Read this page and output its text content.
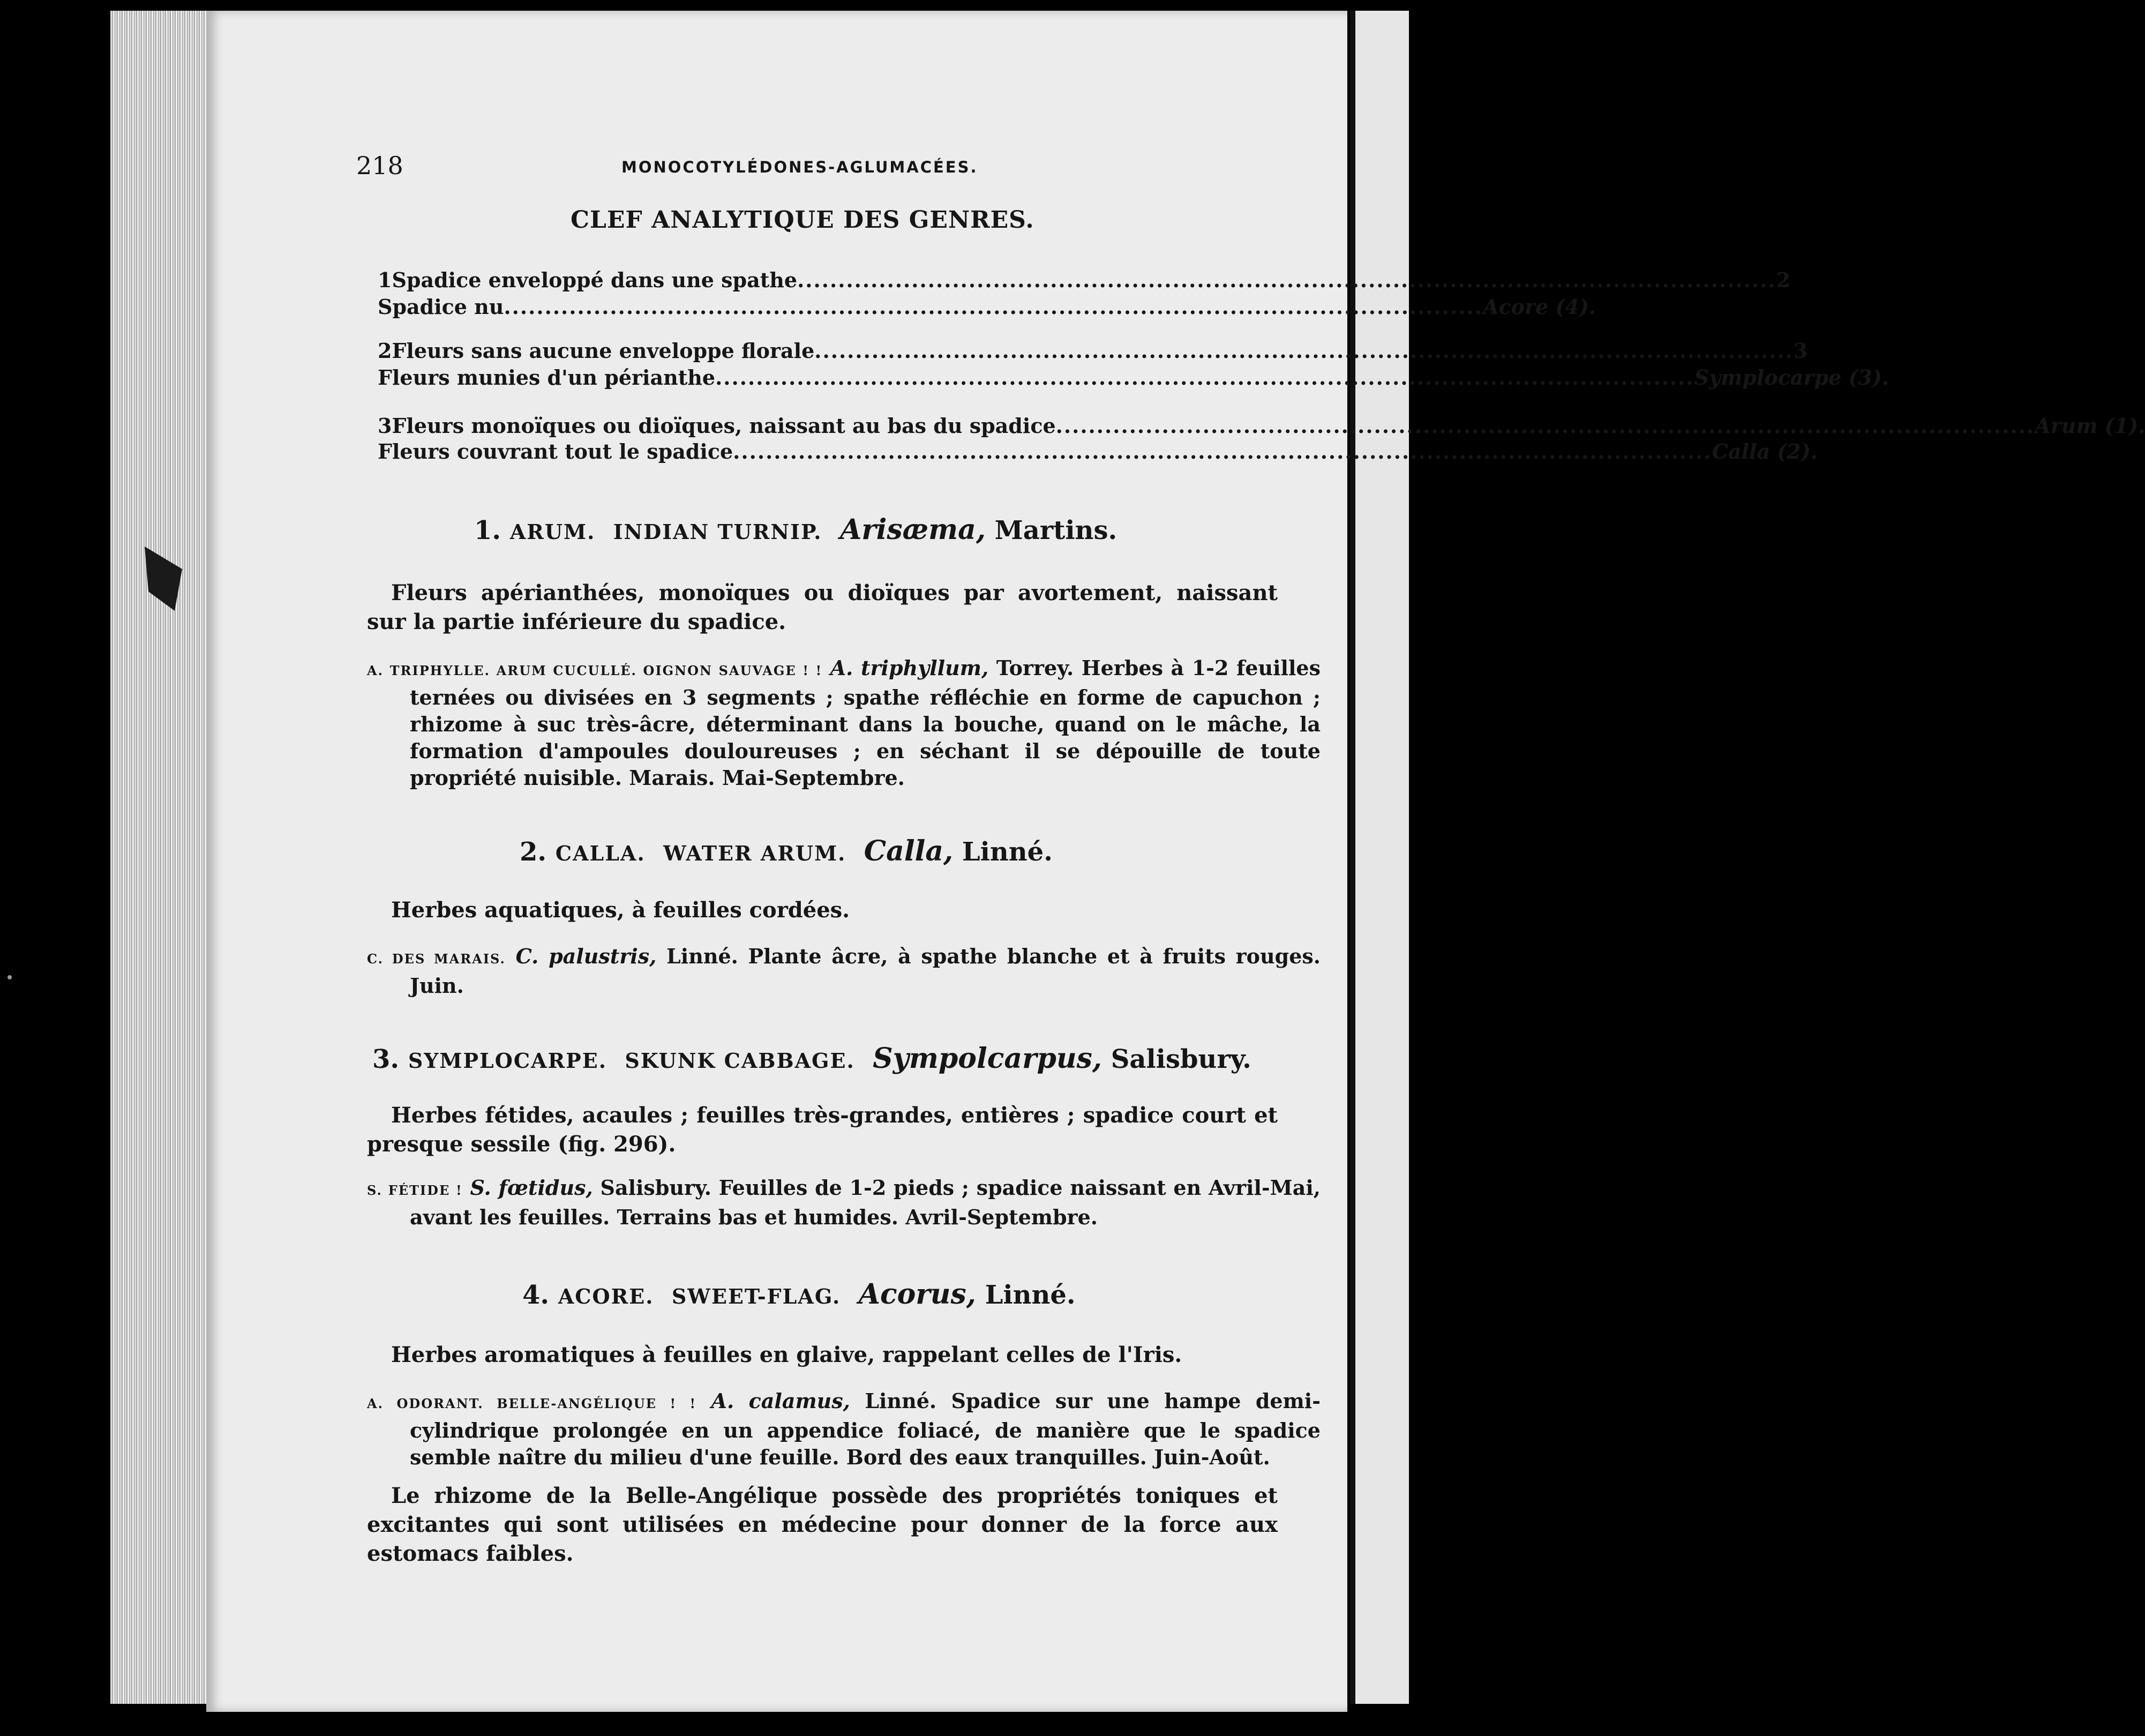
218	MONOCOTYLÉDONES-AGLUMACÉES.
CLEF ANALYTIQUE DES GENRES.
1 Spadice enveloppé dans une spathe ........................................................................................................................ 2
Spadice nu ........................................................................................................................ Acore (4).
2 Fleurs sans aucune enveloppe florale ........................................................................................................................ 3
Fleurs munies d'un périanthe ........................................................................................................................ Symplocarpe (3).
3 Fleurs monoïques ou dioïques, naissant au bas du spadice ........................................................................................................................ Arum (1).
Fleurs couvrant tout le spadice ........................................................................................................................ Calla (2).
1. ARUM. INDIAN TURNIP. Arisæma, Martins.
Fleurs apérianthées, monoïques ou dioïques par avortement, naissant sur la partie inférieure du spadice.
A. TRIPHYLLE. ARUM CUCULLÉ. OIGNON SAUVAGE ! ! A. triphyllum, Torrey. Herbes à 1-2 feuilles ternées ou divisées en 3 segments ; spathe réfléchie en forme de capuchon ; rhizome à suc très-âcre, déterminant dans la bouche, quand on le mâche, la formation d'ampoules douloureuses ; en séchant il se dépouille de toute propriété nuisible. Marais. Mai-Septembre.
2. CALLA. WATER ARUM. Calla, Linné.
Herbes aquatiques, à feuilles cordées.
C. DES MARAIS. C. palustris, Linné. Plante âcre, à spathe blanche et à fruits rouges. Juin.
3. SYMPLOCARPE. SKUNK CABBAGE. Sympolcarpus, Salisbury.
Herbes fétides, acaules ; feuilles très-grandes, entières ; spadice court et presque sessile (fig. 296).
S. FÉTIDE ! S. fœtidus, Salisbury. Feuilles de 1-2 pieds ; spadice naissant en Avril-Mai, avant les feuilles. Terrains bas et humides. Avril-Septembre.
4. ACORE. SWEET-FLAG. Acorus, Linné.
Herbes aromatiques à feuilles en glaive, rappelant celles de l'Iris.
A. ODORANT. BELLE-ANGÉLIQUE ! ! A. calamus, Linné. Spadice sur une hampe demi-cylindrique prolongée en un appendice foliacé, de manière que le spadice semble naître du milieu d'une feuille. Bord des eaux tranquilles. Juin-Août.
Le rhizome de la Belle-Angélique possède des propriétés toniques et excitantes qui sont utilisées en médecine pour donner de la force aux estomacs faibles.
